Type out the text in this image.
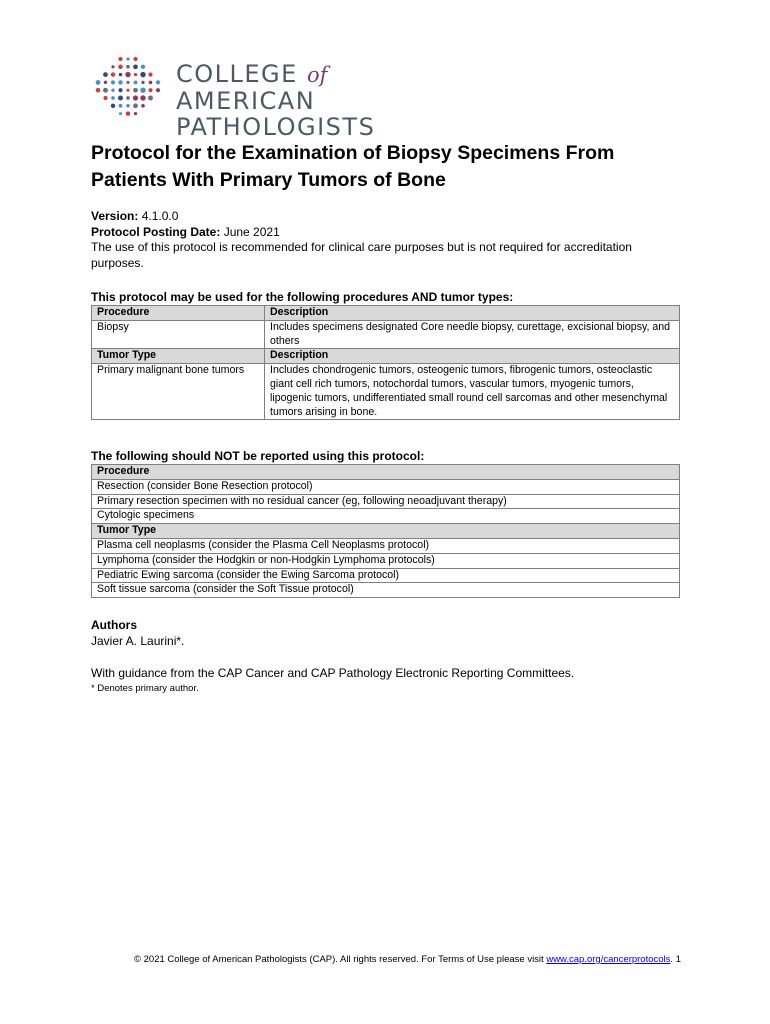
COLLEGE of AMERICAN
PATHOLOGISTS
Protocol for the Examination of Biopsy Specimens From Patients With Primary Tumors of Bone
Version: 4.1.0.0
Protocol Posting Date: June 2021
The use of this protocol is recommended for clinical care purposes but is not required for accreditation purposes.
This protocol may be used for the following procedures AND tumor types:
Procedure	Description
Biopsy	Includes specimens designated Core needle biopsy, curettage, excisional biopsy, and others
Tumor Type	Description
Primary malignant bone tumors	Includes chondrogenic tumors, osteogenic tumors, fibrogenic tumors, osteoclastic giant cell rich tumors, notochordal tumors, vascular tumors, myogenic tumors, lipogenic tumors, undifferentiated small round cell sarcomas and other mesenchymal tumors arising in bone.
The following should NOT be reported using this protocol:
Procedure
Resection (consider Bone Resection protocol)
Primary resection specimen with no residual cancer (eg, following neoadjuvant therapy)
Cytologic specimens
Tumor Type
Plasma cell neoplasms (consider the Plasma Cell Neoplasms protocol)
Lymphoma (consider the Hodgkin or non-Hodgkin Lymphoma protocols)
Pediatric Ewing sarcoma (consider the Ewing Sarcoma protocol)
Soft tissue sarcoma (consider the Soft Tissue protocol)
Authors
Javier A. Laurini*.
With guidance from the CAP Cancer and CAP Pathology Electronic Reporting Committees.
* Denotes primary author.
© 2021 College of American Pathologists (CAP). All rights reserved. For Terms of Use please visit www.cap.org/cancerprotocols. 1
